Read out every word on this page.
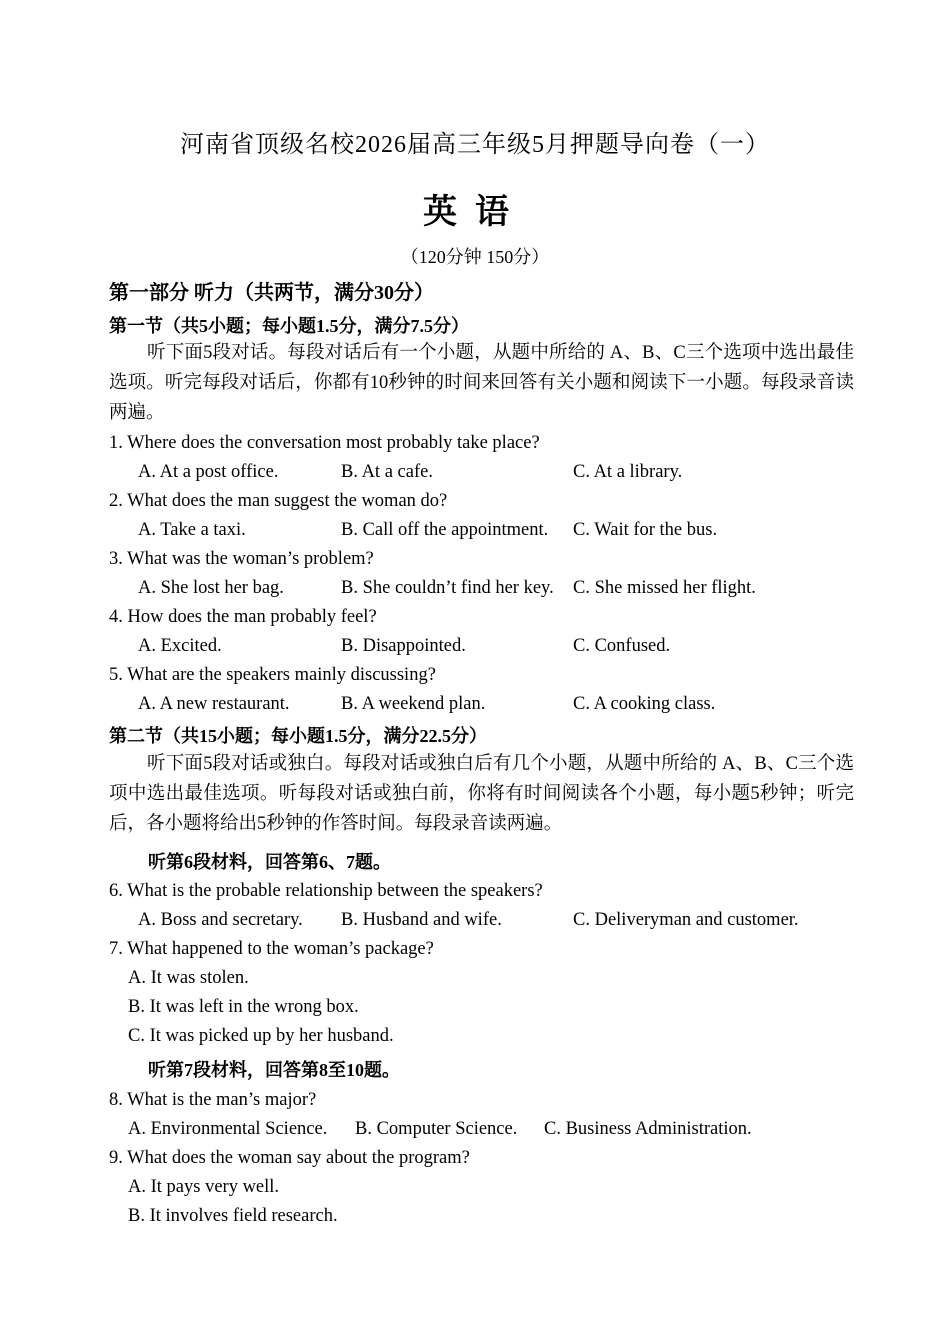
河南省顶级名校2026届高三年级5月押题导向卷（一）
英语
（120分钟 150分）
第一部分 听力（共两节，满分30分）
第一节（共5小题；每小题1.5分，满分7.5分）
听下面5段对话。每段对话后有一个小题，从题中所给的 A、B、C三个选项中选出最佳选项。听完每段对话后，你都有10秒钟的时间来回答有关小题和阅读下一小题。每段录音读两遍。
1. Where does the conversation most probably take place?
A. At a post office.	B. At a cafe.	C. At a library.
2. What does the man suggest the woman do?
A. Take a taxi.	B. Call off the appointment. C. Wait for the bus.
3. What was the woman’s problem?
A. She lost her bag.	B. She couldn’t find her key. C. She missed her flight.
4. How does the man probably feel?
A. Excited.	B. Disappointed.	C. Confused.
5. What are the speakers mainly discussing?
A. A new restaurant.	B. A weekend plan.	C. A cooking class.
第二节（共15小题；每小题1.5分，满分22.5分）
听下面5段对话或独白。每段对话或独白后有几个小题，从题中所给的 A、B、C三个选项中选出最佳选项。听每段对话或独白前，你将有时间阅读各个小题，每小题5秒钟；听完后，各小题将给出5秒钟的作答时间。每段录音读两遍。
听第6段材料，回答第6、7题。
6. What is the probable relationship between the speakers?
A. Boss and secretary. B. Husband and wife.	C. Deliveryman and customer.
7. What happened to the woman’s package?
A. It was stolen.
B. It was left in the wrong box.
C. It was picked up by her husband.
听第7段材料，回答第8至10题。
8. What is the man’s major?
A. Environmental Science. B. Computer Science. C. Business Administration.
9. What does the woman say about the program?
A. It pays very well.
B. It involves field research.
